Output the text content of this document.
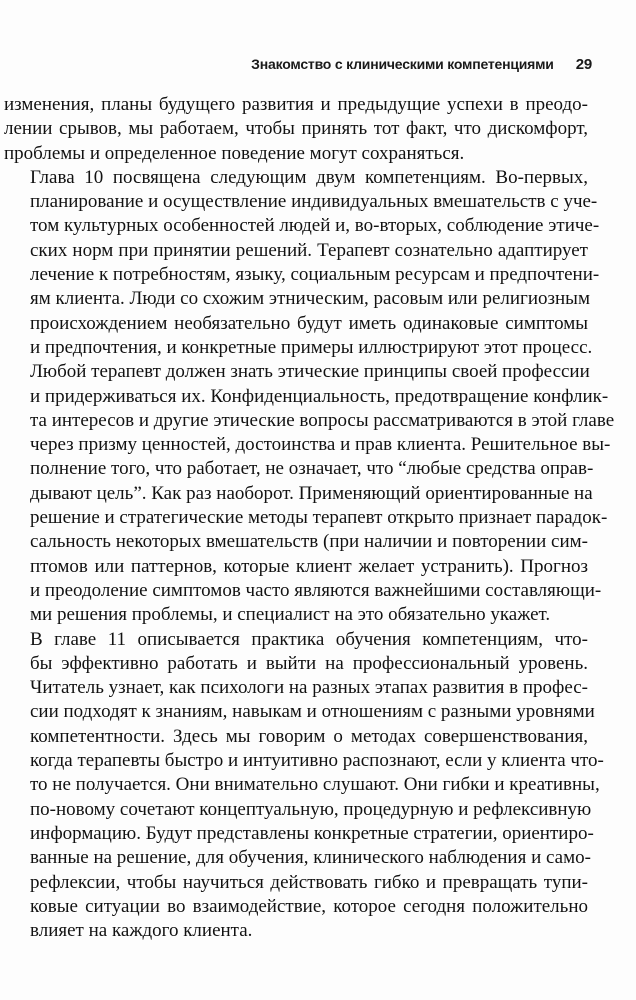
Знакомство с клиническими компетенциями 29
изменения, планы будущего развития и предыдущие успехи в преодо-
лении срывов, мы работаем, чтобы принять тот факт, что дискомфорт,
проблемы и определенное поведение могут сохраняться.
Глава 10 посвящена следующим двум компетенциям. Во-первых,
планирование и осуществление индивидуальных вмешательств с уче-
том культурных особенностей людей и, во-вторых, соблюдение этиче-
ских норм при принятии решений. Терапевт сознательно адаптирует
лечение к потребностям, языку, социальным ресурсам и предпочтени-
ям клиента. Люди со схожим этническим, расовым или религиозным
происхождением необязательно будут иметь одинаковые симптомы
и предпочтения, и конкретные примеры иллюстрируют этот процесс.
Любой терапевт должен знать этические принципы своей профессии
и придерживаться их. Конфиденциальность, предотвращение конфлик-
та интересов и другие этические вопросы рассматриваются в этой главе
через призму ценностей, достоинства и прав клиента. Решительное вы-
полнение того, что работает, не означает, что “любые средства оправ-
дывают цель”. Как раз наоборот. Применяющий ориентированные на
решение и стратегические методы терапевт открыто признает парадок-
сальность некоторых вмешательств (при наличии и повторении сим-
птомов или паттернов, которые клиент желает устранить). Прогноз
и преодоление симптомов часто являются важнейшими составляющи-
ми решения проблемы, и специалист на это обязательно укажет.
В главе 11 описывается практика обучения компетенциям, что-
бы эффективно работать и выйти на профессиональный уровень.
Читатель узнает, как психологи на разных этапах развития в профес-
сии подходят к знаниям, навыкам и отношениям с разными уровнями
компетентности. Здесь мы говорим о методах совершенствования,
когда терапевты быстро и интуитивно распознают, если у клиента что-
то не получается. Они внимательно слушают. Они гибки и креативны,
по-новому сочетают концептуальную, процедурную и рефлексивную
информацию. Будут представлены конкретные стратегии, ориентиро-
ванные на решение, для обучения, клинического наблюдения и само-
рефлексии, чтобы научиться действовать гибко и превращать тупи-
ковые ситуации во взаимодействие, которое сегодня положительно
влияет на каждого клиента.
